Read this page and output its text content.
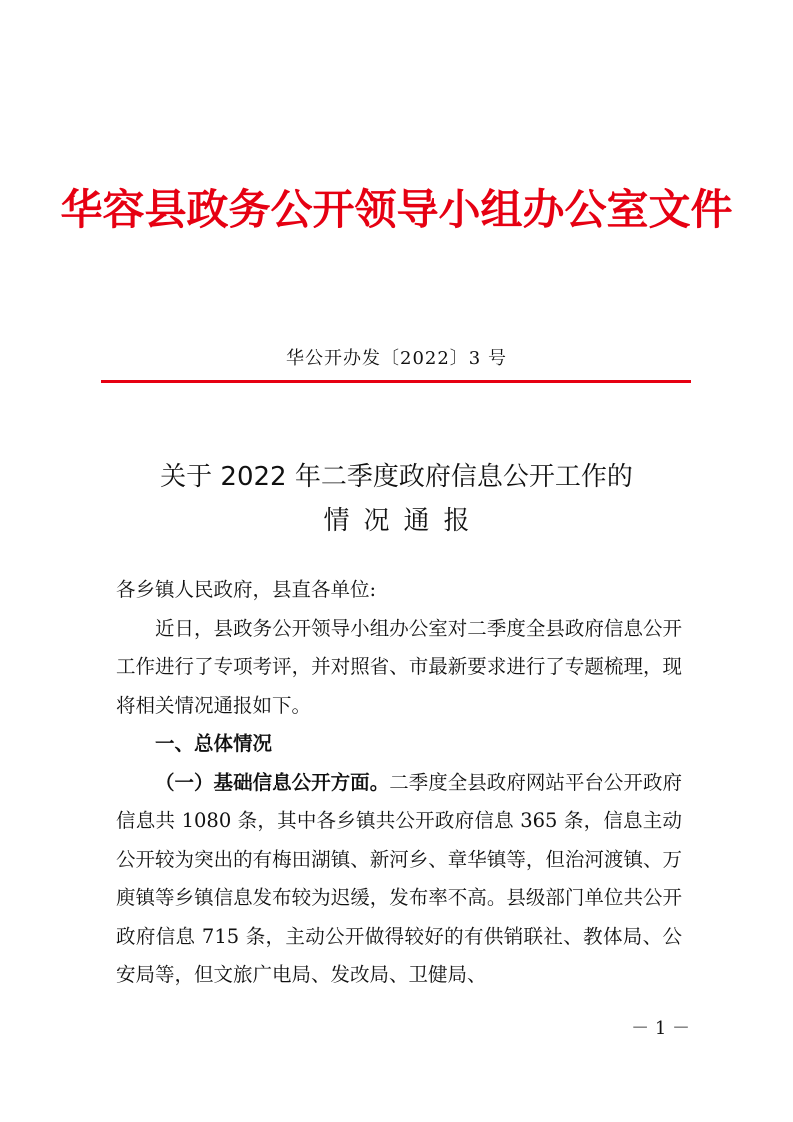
华容县政务公开领导小组办公室文件
华公开办发〔2022〕3 号
关于 2022 年二季度政府信息公开工作的
情况通报

各乡镇人民政府，县直各单位:

近日，县政务公开领导小组办公室对二季度全县政府信息公开工作进行了专项考评，并对照省、市最新要求进行了专题梳理，现将相关情况通报如下。

一、总体情况

（一）基础信息公开方面。二季度全县政府网站平台公开政府信息共 1080 条，其中各乡镇共公开政府信息 365 条，信息主动公开较为突出的有梅田湖镇、新河乡、章华镇等，但治河渡镇、万庾镇等乡镇信息发布较为迟缓，发布率不高。县级部门单位共公开政府信息 715 条，主动公开做得较好的有供销联社、教体局、公安局等，但文旅广电局、发改局、卫健局、

－ 1 －
